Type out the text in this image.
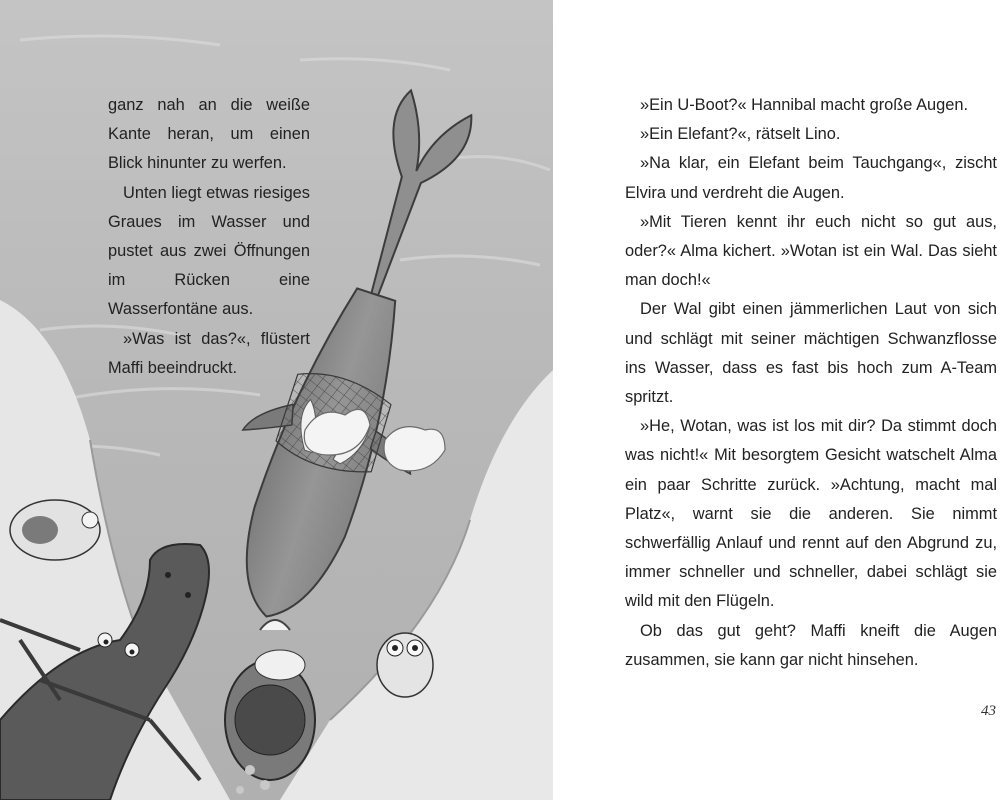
ganz nah an die weiße Kante heran, um einen Blick hinunter zu werfen.

Unten liegt etwas riesiges Graues im Wasser und pustet aus zwei Öffnungen im Rücken eine Wasserfontäne aus.

»Was ist das?«, flüstert Maffi beeindruckt.

»Ein U-Boot?« Hannibal macht große Augen.

»Ein Elefant?«, rätselt Lino.

»Na klar, ein Elefant beim Tauchgang«, zischt Elvira und verdreht die Augen.

»Mit Tieren kennt ihr euch nicht so gut aus, oder?« Alma kichert. »Wotan ist ein Wal. Das sieht man doch!«

Der Wal gibt einen jämmerlichen Laut von sich und schlägt mit seiner mächtigen Schwanzflosse ins Wasser, dass es fast bis hoch zum A-Team spritzt.

»He, Wotan, was ist los mit dir? Da stimmt doch was nicht!« Mit besorgtem Gesicht watschelt Alma ein paar Schritte zurück. »Achtung, macht mal Platz«, warnt sie die anderen. Sie nimmt schwerfällig Anlauf und rennt auf den Abgrund zu, immer schneller und schneller, dabei schlägt sie wild mit den Flügeln.

Ob das gut geht? Maffi kneift die Augen zusammen, sie kann gar nicht hinsehen.

43
